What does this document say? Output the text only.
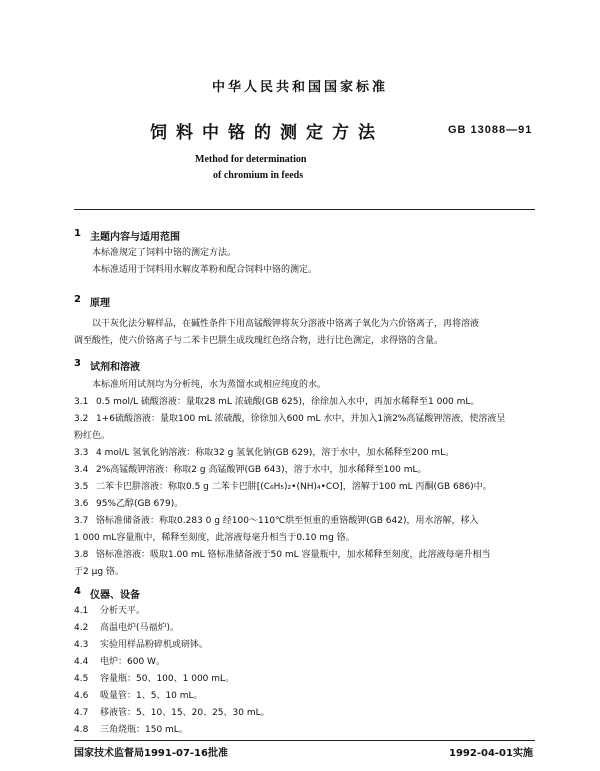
中华人民共和国国家标准
饲料中铬的测定方法	GB 13088—91
Method for determination
of chromium in feeds
1 主题内容与适用范围
本标准规定了饲料中铬的测定方法。
本标准适用于饲料用水解皮革粉和配合饲料中铬的测定。
2 原理
以干灰化法分解样品，在碱性条件下用高锰酸钾将灰分溶液中铬离子氧化为六价铬离子，再将溶液
调至酸性，使六价铬离子与二苯卡巴肼生成玫瑰红色络合物，进行比色测定，求得铬的含量。
3 试剂和溶液
本标准所用试剂均为分析纯，水为蒸馏水或相应纯度的水。
3.1 0.5 mol/L 硫酸溶液：量取28 mL 浓硫酸(GB 625)，徐徐加入水中，再加水稀释至1 000 mL。
3.2 1+6硫酸溶液：量取100 mL 浓硫酸，徐徐加入600 mL 水中，并加入1滴2%高锰酸钾溶液，使溶液呈
粉红色。
3.3 4 mol/L 氢氧化钠溶液：称取32 g 氢氧化钠(GB 629)，溶于水中，加水稀释至200 mL。
3.4 2%高锰酸钾溶液：称取2 g 高锰酸钾(GB 643)，溶于水中，加水稀释至100 mL。
3.5 二苯卡巴肼溶液：称取0.5 g 二苯卡巴肼[(C₆H₅)₂•(NH)₄•CO]，溶解于100 mL 丙酮(GB 686)中。
3.6 95%乙醇(GB 679)。
3.7 铬标准储备液：称取0.283 0 g 经100～110℃烘至恒重的重铬酸钾(GB 642)，用水溶解，移入
1 000 mL容量瓶中，稀释至刻度，此溶液每毫升相当于0.10 mg 铬。
3.8 铬标准溶液：吸取1.00 mL 铬标准储备液于50 mL 容量瓶中，加水稀释至刻度，此溶液每毫升相当
于2 μg 铬。
4 仪器、设备
4.1 分析天平。
4.2 高温电炉(马福炉)。
4.3 实验用样品粉碎机或研钵。
4.4 电炉：600 W。
4.5 容量瓶：50、100、1 000 mL。
4.6 吸量管：1、5、10 mL。
4.7 移液管：5、10、15、20、25、30 mL。
4.8 三角烧瓶：150 mL。
国家技术监督局1991-07-16批准	1992-04-01实施
